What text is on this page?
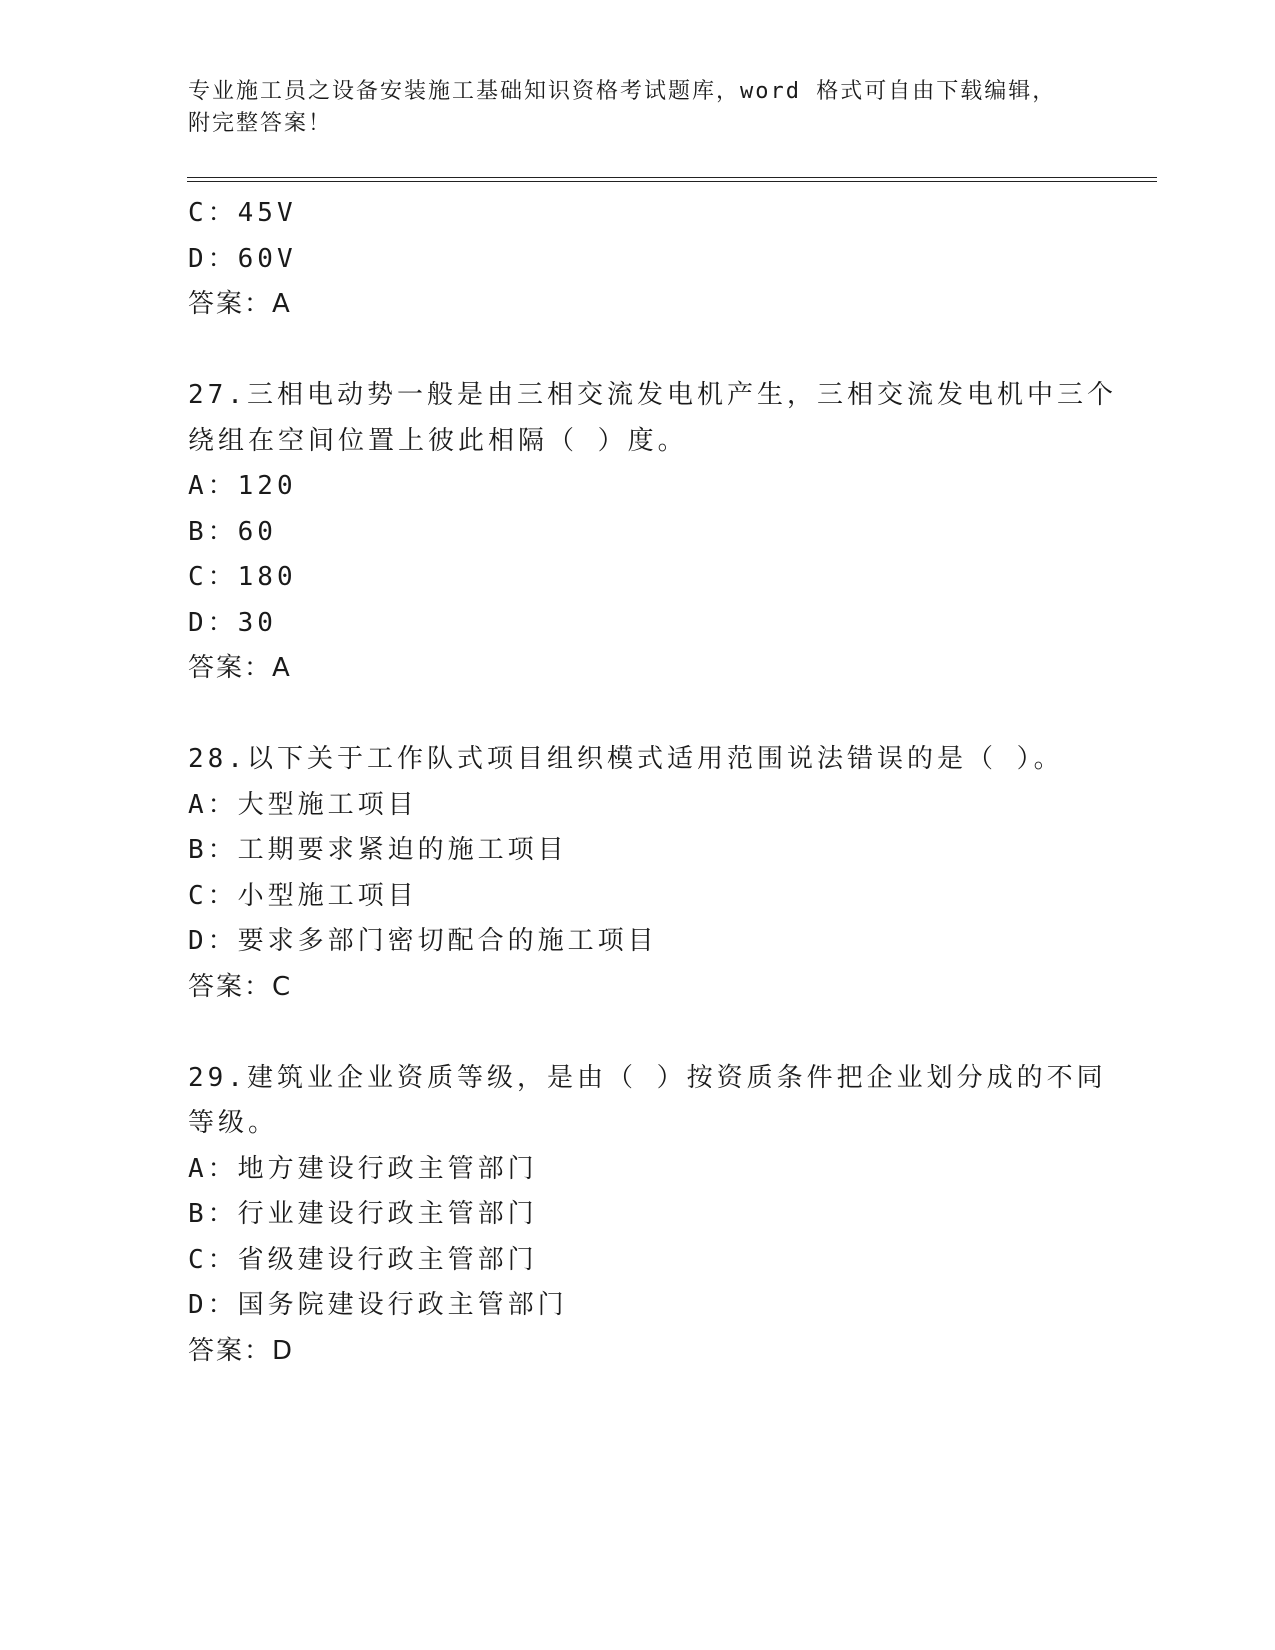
专业施工员之设备安装施工基础知识资格考试题库，word 格式可自由下载编辑，
附完整答案！
C：45V
D：60V
答案：A
27.三相电动势一般是由三相交流发电机产生，三相交流发电机中三个
绕组在空间位置上彼此相隔（ ）度。
A：120
B：60
C：180
D：30
答案：A
28.以下关于工作队式项目组织模式适用范围说法错误的是（ ）。
A：大型施工项目
B：工期要求紧迫的施工项目
C：小型施工项目
D：要求多部门密切配合的施工项目
答案：C
29.建筑业企业资质等级，是由（ ）按资质条件把企业划分成的不同
等级。
A：地方建设行政主管部门
B：行业建设行政主管部门
C：省级建设行政主管部门
D：国务院建设行政主管部门
答案：D
